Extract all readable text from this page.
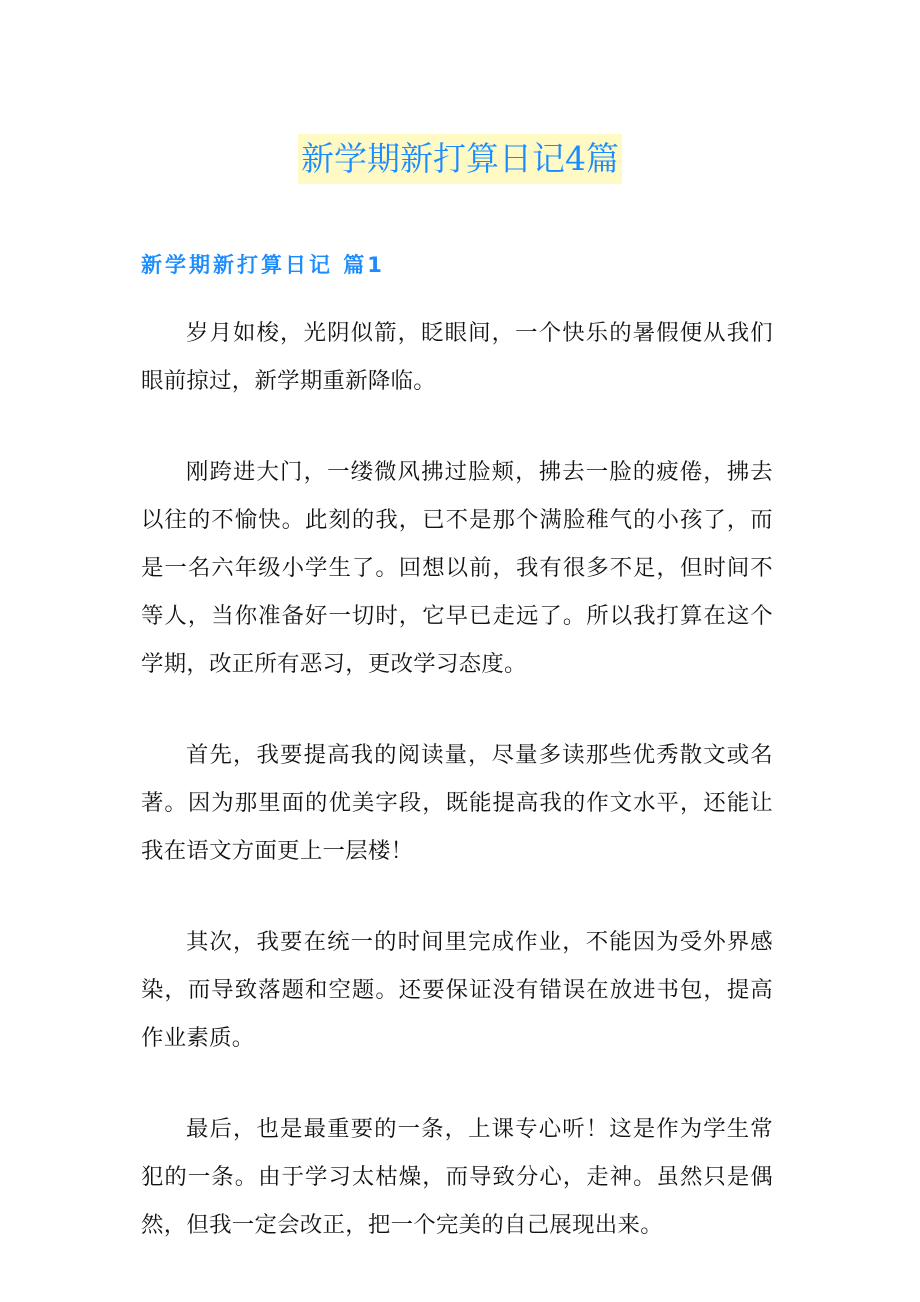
新学期新打算日记4篇
新学期新打算日记 篇1

岁月如梭，光阴似箭，眨眼间，一个快乐的暑假便从我们眼前掠过，新学期重新降临。

刚跨进大门，一缕微风拂过脸颊，拂去一脸的疲倦，拂去以往的不愉快。此刻的我，已不是那个满脸稚气的小孩了，而是一名六年级小学生了。回想以前，我有很多不足，但时间不等人，当你准备好一切时，它早已走远了。所以我打算在这个学期，改正所有恶习，更改学习态度。

首先，我要提高我的阅读量，尽量多读那些优秀散文或名著。因为那里面的优美字段，既能提高我的作文水平，还能让我在语文方面更上一层楼！

其次，我要在统一的时间里完成作业，不能因为受外界感染，而导致落题和空题。还要保证没有错误在放进书包，提高作业素质。

最后，也是最重要的一条，上课专心听！这是作为学生常犯的一条。由于学习太枯燥，而导致分心，走神。虽然只是偶然，但我一定会改正，把一个完美的自己展现出来。
